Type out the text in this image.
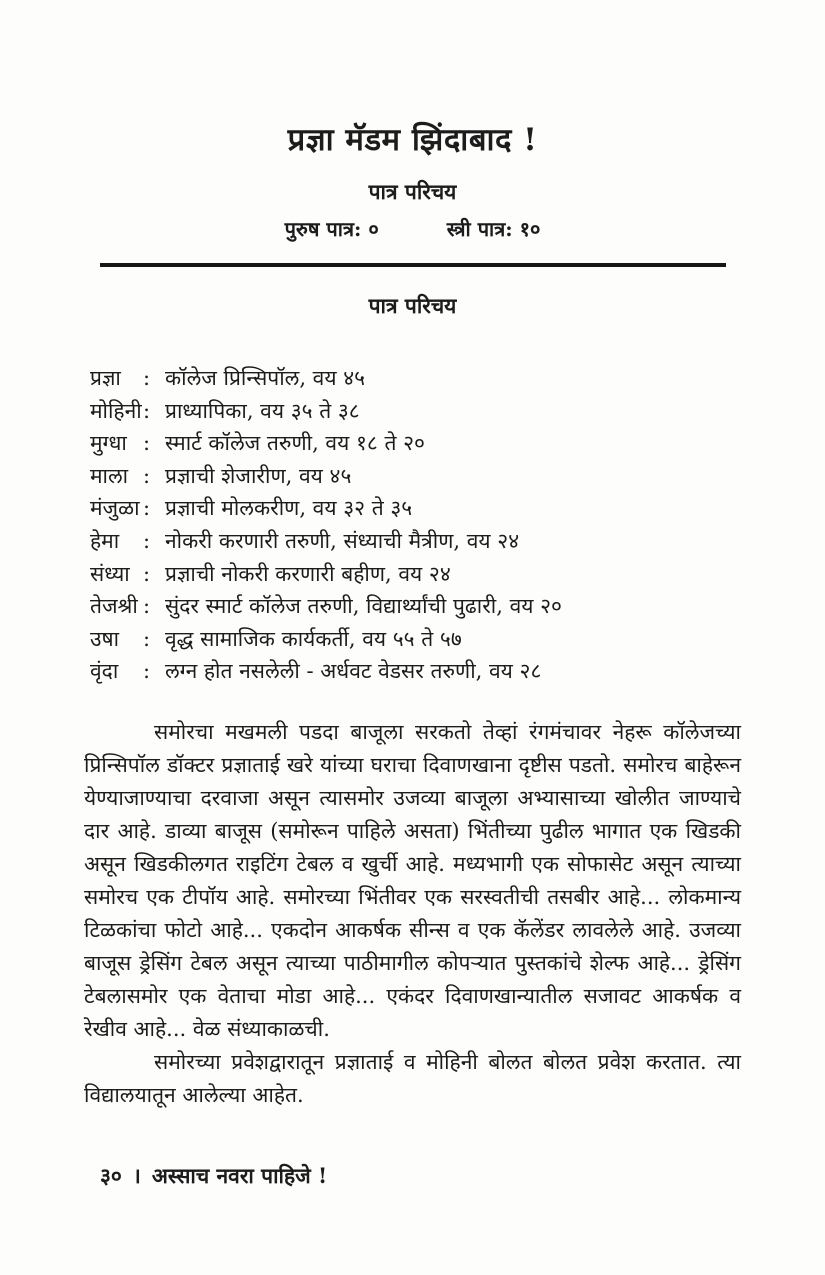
प्रज्ञा मॅडम झिंदाबाद !
पात्र परिचय
पुरुष पात्र: ०	स्त्री पात्र: १०
पात्र परिचय
प्रज्ञा	: कॉलेज प्रिन्सिपॉल, वय ४५
मोहिनी : प्राध्यापिका, वय ३५ ते ३८
मुग्धा : स्मार्ट कॉलेज तरुणी, वय १८ ते २०
माला : प्रज्ञाची शेजारीण, वय ४५
मंजुळा : प्रज्ञाची मोलकरीण, वय ३२ ते ३५
हेमा	: नोकरी करणारी तरुणी, संध्याची मैत्रीण, वय २४
संध्या : प्रज्ञाची नोकरी करणारी बहीण, वय २४
तेजश्री : सुंदर स्मार्ट कॉलेज तरुणी, विद्यार्थ्यांची पुढारी, वय २०
उषा	: वृद्ध सामाजिक कार्यकर्ती, वय ५५ ते ५७
वृंदा	: लग्न होत नसलेली - अर्धवट वेडसर तरुणी, वय २८

समोरचा मखमली पडदा बाजूला सरकतो तेव्हां रंगमंचावर नेहरू कॉलेजच्या प्रिन्सिपॉल डॉक्टर प्रज्ञाताई खरे यांच्या घराचा दिवाणखाना दृष्टीस पडतो. समोरच बाहेरून येण्याजाण्याचा दरवाजा असून त्यासमोर उजव्या बाजूला अभ्यासाच्या खोलीत जाण्याचे दार आहे. डाव्या बाजूस (समोरून पाहिले असता) भिंतीच्या पुढील भागात एक खिडकी असून खिडकीलगत राइटिंग टेबल व खुर्ची आहे. मध्यभागी एक सोफासेट असून त्याच्या समोरच एक टीपॉय आहे. समोरच्या भिंतीवर एक सरस्वतीची तसबीर आहे... लोकमान्य टिळकांचा फोटो आहे... एकदोन आकर्षक सीन्स व एक कॅलेंडर लावलेले आहे. उजव्या बाजूस ड्रेसिंग टेबल असून त्याच्या पाठीमागील कोपऱ्यात पुस्तकांचे शेल्फ आहे... ड्रेसिंग टेबलासमोर एक वेताचा मोडा आहे... एकंदर दिवाणखान्यातील सजावट आकर्षक व रेखीव आहे... वेळ संध्याकाळची.

समोरच्या प्रवेशद्वारातून प्रज्ञाताई व मोहिनी बोलत बोलत प्रवेश करतात. त्या विद्यालयातून आलेल्या आहेत.

३० । अस्साच नवरा पाहिजे !
